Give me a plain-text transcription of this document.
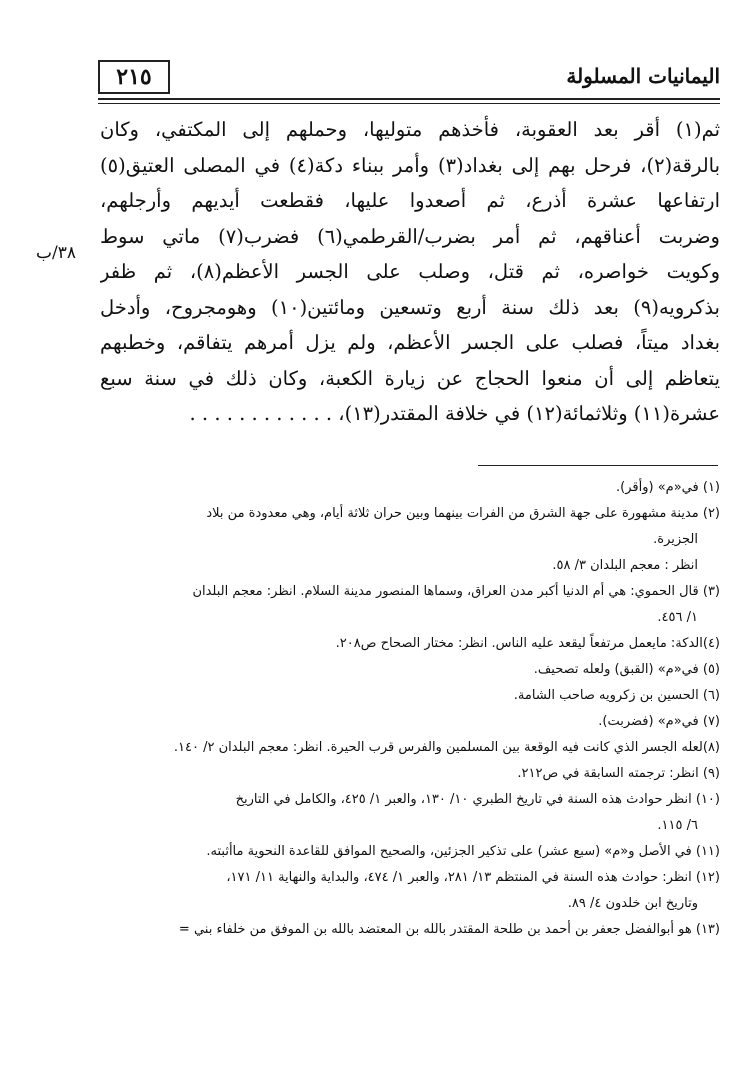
٢١٥	اليمانيات المسلولة
٣٨/ب
ثم(١) أقر بعد العقوبة، فأخذهم متوليها، وحملهم إلى المكتفي، وكان
بالرقة(٢)، فرحل بهم إلى بغداد(٣) وأمر ببناء دكة(٤) في المصلى العتيق(٥)
ارتفاعها عشرة أذرع، ثم أصعدوا عليها، فقطعت أيديهم وأرجلهم،
وضربت أعناقهم، ثم أمر بضرب/القرطمي(٦) فضرب(٧) ماتي سوط
وكويت خواصره، ثم قتل، وصلب على الجسر الأعظم(٨)، ثم ظفر
بذكرويه(٩) بعد ذلك سنة أربع وتسعين ومائتين(١٠) وهومجروح، وأدخل
بغداد ميتاً، فصلب على الجسر الأعظم، ولم يزل أمرهم يتفاقم، وخطبهم
يتعاظم إلى أن منعوا الحجاج عن زيارة الكعبة، وكان ذلك في سنة سبع
عشرة(١١) وثلاثمائة(١٢) في خلافة المقتدر(١٣)، . . . . . . . . . . . .
(١) في«م» (وأقر).
(٢) مدينة مشهورة على جهة الشرق من الفرات بينهما وبين حران ثلاثة أيام، وهي معدودة من بلاد
الجزيرة.
انظر : معجم البلدان ٣/ ٥٨.
(٣) قال الحموي: هي أم الدنيا أكبر مدن العراق، وسماها المنصور مدينة السلام. انظر: معجم البلدان
١/ ٤٥٦.
(٤)الدكة: مايعمل مرتفعاً ليقعد عليه الناس. انظر: مختار الصحاح ص٢٠٨.
(٥) في«م» (القبق) ولعله تصحيف.
(٦) الحسين بن زكرويه صاحب الشامة.
(٧) في«م» (فضربت).
(٨)لعله الجسر الذي كانت فيه الوقعة بين المسلمين والفرس قرب الحيرة. انظر: معجم البلدان ٢/ ١٤٠.
(٩) انظر: ترجمته السابقة في ص٢١٢.
(١٠) انظر حوادث هذه السنة في تاريخ الطبري ١٠/ ١٣٠، والعبر ١/ ٤٢٥، والكامل في التاريخ
٦/ ١١٥.
(١١) في الأصل و«م» (سبع عشر) على تذكير الجزئين، والصحيح الموافق للقاعدة النحوية ماأثبته.
(١٢) انظر: حوادث هذه السنة في المنتظم ١٣/ ٢٨١، والعبر ١/ ٤٧٤، والبداية والنهاية ١١/ ١٧١،
وتاريخ ابن خلدون ٤/ ٨٩.
(١٣) هو أبوالفضل جعفر بن أحمد بن طلحة المقتدر بالله بن المعتضد بالله بن الموفق من خلفاء بني =
